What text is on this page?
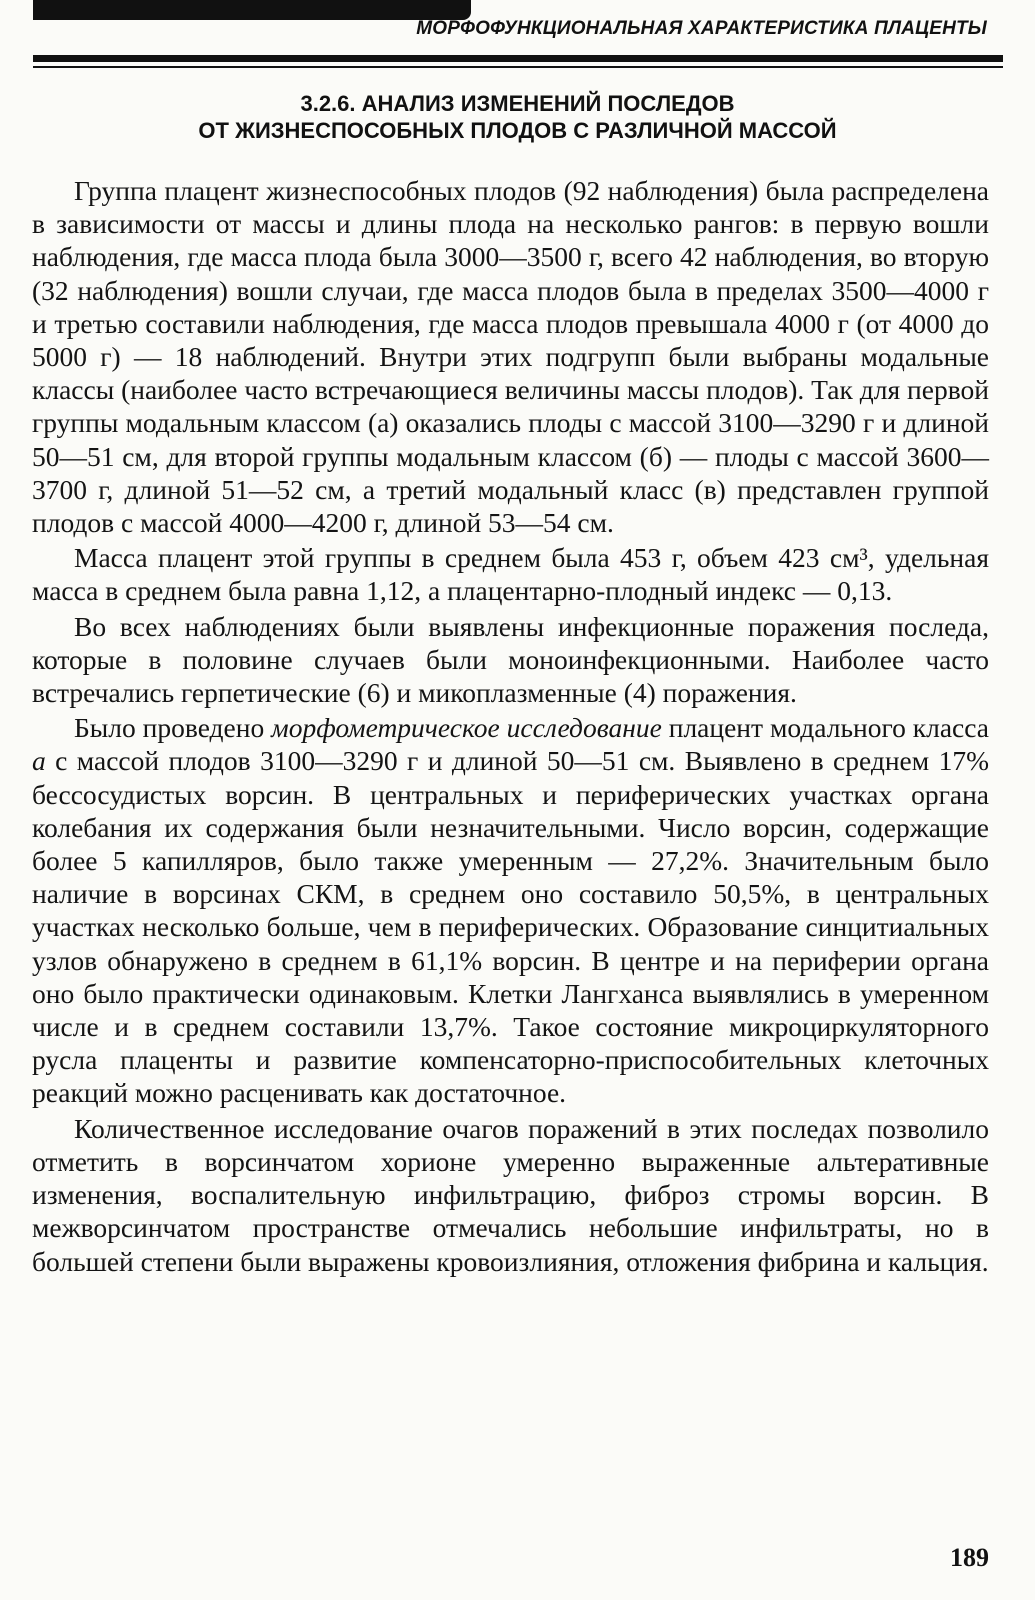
МОРФОФУНКЦИОНАЛЬНАЯ ХАРАКТЕРИСТИКА ПЛАЦЕНТЫ
3.2.6. АНАЛИЗ ИЗМЕНЕНИЙ ПОСЛЕДОВ
ОТ ЖИЗНЕСПОСОБНЫХ ПЛОДОВ С РАЗЛИЧНОЙ МАССОЙ

Группа плацент жизнеспособных плодов (92 наблюдения) была распределена в зависимости от массы и длины плода на несколько рангов: в первую вошли наблюдения, где масса плода была 3000—3500 г, всего 42 наблюдения, во вторую (32 наблюдения) вошли случаи, где масса плодов была в пределах 3500—4000 г и третью составили наблюдения, где масса плодов превышала 4000 г (от 4000 до 5000 г) — 18 наблюдений. Внутри этих подгрупп были выбраны модальные классы (наиболее часто встречающиеся величины массы плодов). Так для первой группы модальным классом (а) оказались плоды с массой 3100—3290 г и длиной 50—51 см, для второй группы модальным классом (б) — плоды с массой 3600—3700 г, длиной 51—52 см, а третий модальный класс (в) представлен группой плодов с массой 4000—4200 г, длиной 53—54 см.

Масса плацент этой группы в среднем была 453 г, объем 423 см³, удельная масса в среднем была равна 1,12, а плацентарно-плодный индекс — 0,13.

Во всех наблюдениях были выявлены инфекционные поражения последа, которые в половине случаев были моноинфекционными. Наиболее часто встречались герпетические (6) и микоплазменные (4) поражения.

Было проведено морфометрическое исследование плацент модального класса а с массой плодов 3100—3290 г и длиной 50—51 см. Выявлено в среднем 17% бессосудистых ворсин. В центральных и периферических участках органа колебания их содержания были незначительными. Число ворсин, содержащие более 5 капилляров, было также умеренным — 27,2%. Значительным было наличие в ворсинах СКМ, в среднем оно составило 50,5%, в центральных участках несколько больше, чем в периферических. Образование синцитиальных узлов обнаружено в среднем в 61,1% ворсин. В центре и на периферии органа оно было практически одинаковым. Клетки Лангханса выявлялись в умеренном числе и в среднем составили 13,7%. Такое состояние микроциркуляторного русла плаценты и развитие компенсаторно-приспособительных клеточных реакций можно расценивать как достаточное.

Количественное исследование очагов поражений в этих последах позволило отметить в ворсинчатом хорионе умеренно выраженные альтеративные изменения, воспалительную инфильтрацию, фиброз стромы ворсин. В межворсинчатом пространстве отмечались небольшие инфильтраты, но в большей степени были выражены кровоизлияния, отложения фибрина и кальция.

189
